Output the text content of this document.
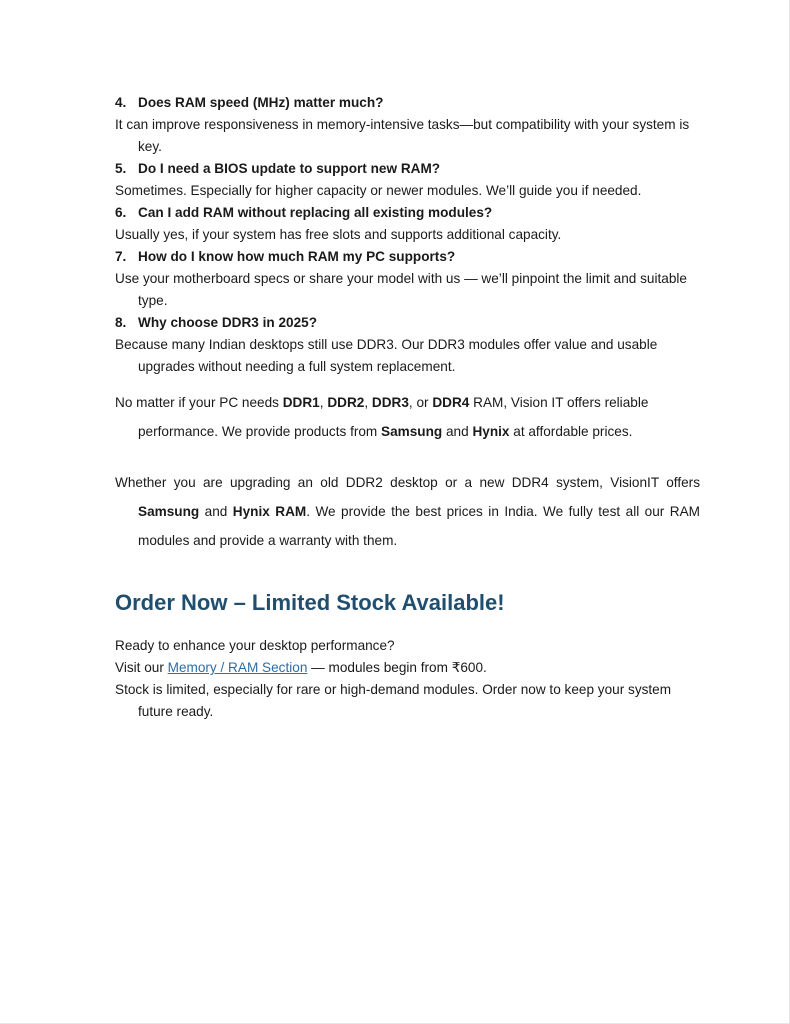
4. Does RAM speed (MHz) matter much?
It can improve responsiveness in memory-intensive tasks—but compatibility with your system is key.
5. Do I need a BIOS update to support new RAM?
Sometimes. Especially for higher capacity or newer modules. We’ll guide you if needed.
6. Can I add RAM without replacing all existing modules?
Usually yes, if your system has free slots and supports additional capacity.
7. How do I know how much RAM my PC supports?
Use your motherboard specs or share your model with us — we’ll pinpoint the limit and suitable type.
8. Why choose DDR3 in 2025?
Because many Indian desktops still use DDR3. Our DDR3 modules offer value and usable upgrades without needing a full system replacement.
No matter if your PC needs DDR1, DDR2, DDR3, or DDR4 RAM, Vision IT offers reliable performance. We provide products from Samsung and Hynix at affordable prices.
Whether you are upgrading an old DDR2 desktop or a new DDR4 system, VisionIT offers Samsung and Hynix RAM. We provide the best prices in India. We fully test all our RAM modules and provide a warranty with them.
Order Now – Limited Stock Available!
Ready to enhance your desktop performance?
Visit our Memory / RAM Section — modules begin from ₹600.
Stock is limited, especially for rare or high-demand modules. Order now to keep your system future ready.
